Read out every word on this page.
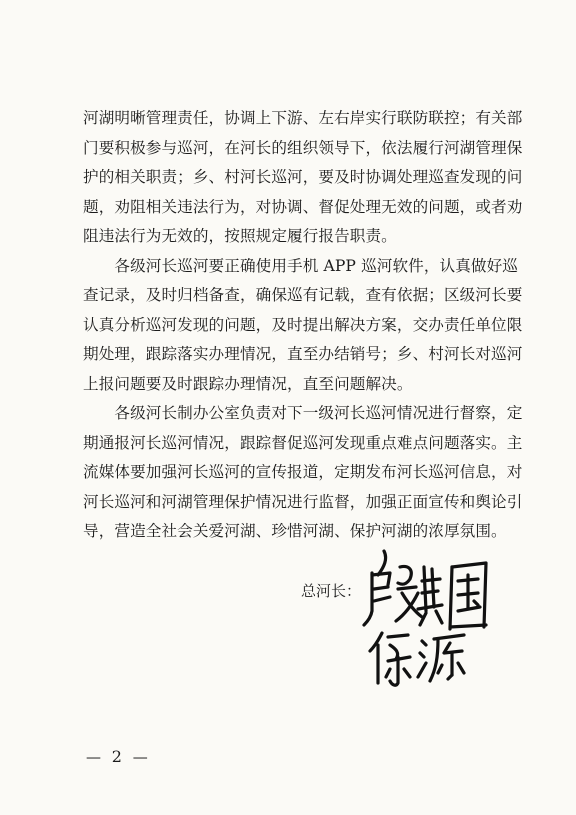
河湖明晰管理责任，协调上下游、左右岸实行联防联控；有关部
门要积极参与巡河，在河长的组织领导下，依法履行河湖管理保
护的相关职责；乡、村河长巡河，要及时协调处理巡查发现的问
题，劝阻相关违法行为，对协调、督促处理无效的问题，或者劝
阻违法行为无效的，按照规定履行报告职责。
　　各级河长巡河要正确使用手机 APP 巡河软件，认真做好巡
查记录，及时归档备查，确保巡有记载，查有依据；区级河长要
认真分析巡河发现的问题，及时提出解决方案，交办责任单位限
期处理，跟踪落实办理情况，直至办结销号；乡、村河长对巡河
上报问题要及时跟踪办理情况，直至问题解决。
　　各级河长制办公室负责对下一级河长巡河情况进行督察，定
期通报河长巡河情况，跟踪督促巡河发现重点难点问题落实。主
流媒体要加强河长巡河的宣传报道，定期发布河长巡河信息，对
河长巡河和河湖管理保护情况进行监督，加强正面宣传和舆论引
导，营造全社会关爱河湖、珍惜河湖、保护河湖的浓厚氛围。
总河长：
— 2 —
